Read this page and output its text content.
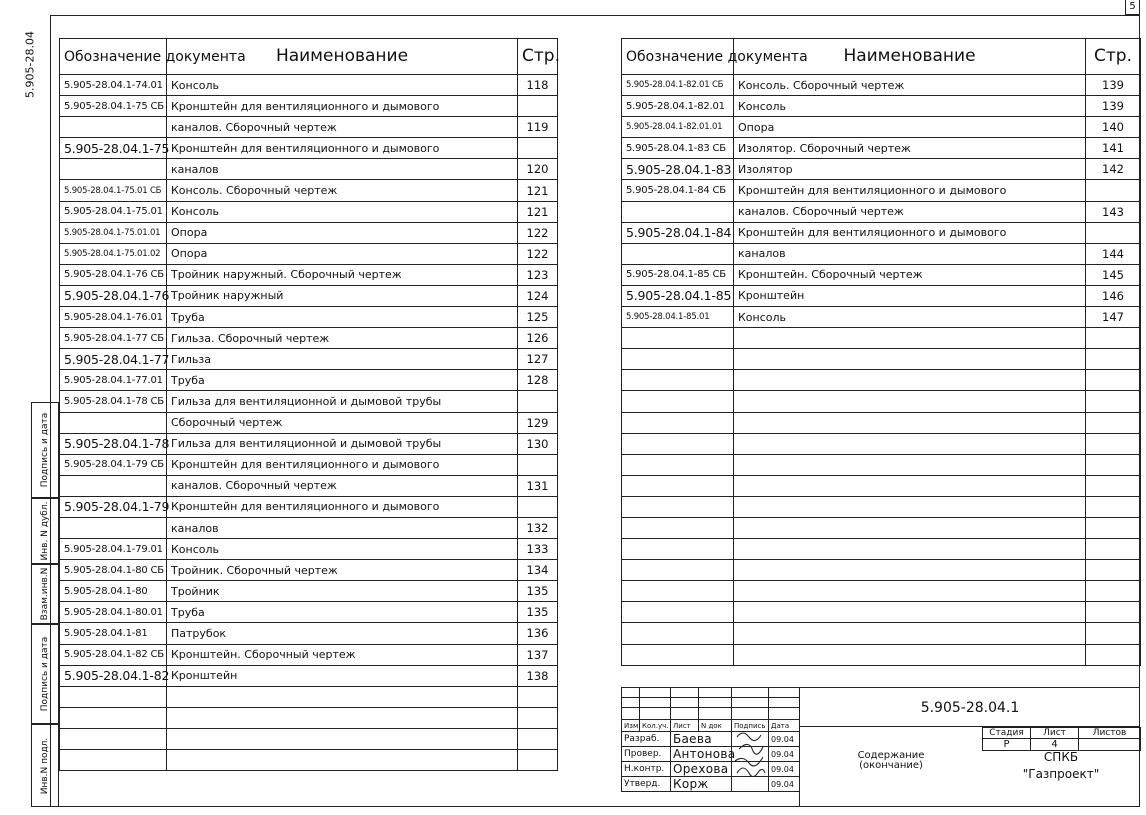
5
5.905-28.04
Подпись и дата
Инв. N дубл.
Взам.инв.N
Подпись и дата
Инв.N подл.
Обозначение документа	Наименование	Стр.
5.905-28.04.1-74.01	Консоль	118
5.905-28.04.1-75 СБ	Кронштейн для вентиляционного и дымового	
	каналов. Сборочный чертеж	119
5.905-28.04.1-75	Кронштейн для вентиляционного и дымового	
	каналов	120
5.905-28.04.1-75.01 СБ	Консоль. Сборочный чертеж	121
5.905-28.04.1-75.01	Консоль	121
5.905-28.04.1-75.01.01	Опора	122
5.905-28.04.1-75.01.02	Опора	122
5.905-28.04.1-76 СБ	Тройник наружный. Сборочный чертеж	123
5.905-28.04.1-76	Тройник наружный	124
5.905-28.04.1-76.01	Труба	125
5.905-28.04.1-77 СБ	Гильза. Сборочный чертеж	126
5.905-28.04.1-77	Гильза	127
5.905-28.04.1-77.01	Труба	128
5.905-28.04.1-78 СБ	Гильза для вентиляционной и дымовой трубы	
	Сборочный чертеж	129
5.905-28.04.1-78	Гильза для вентиляционной и дымовой трубы	130
5.905-28.04.1-79 СБ	Кронштейн для вентиляционного и дымового	
	каналов. Сборочный чертеж	131
5.905-28.04.1-79	Кронштейн для вентиляционного и дымового	
	каналов	132
5.905-28.04.1-79.01	Консоль	133
5.905-28.04.1-80 СБ	Тройник. Сборочный чертеж	134
5.905-28.04.1-80	Тройник	135
5.905-28.04.1-80.01	Труба	135
5.905-28.04.1-81	Патрубок	136
5.905-28.04.1-82 СБ	Кронштейн. Сборочный чертеж	137
5.905-28.04.1-82	Кронштейн	138

Обозначение документа	Наименование	Стр.
5.905-28.04.1-82.01 СБ	Консоль. Сборочный чертеж	139
5.905-28.04.1-82.01	Консоль	139
5.905-28.04.1-82.01.01	Опора	140
5.905-28.04.1-83 СБ	Изолятор. Сборочный чертеж	141
5.905-28.04.1-83	Изолятор	142
5.905-28.04.1-84 СБ	Кронштейн для вентиляционного и дымового	
	каналов. Сборочный чертеж	143
5.905-28.04.1-84	Кронштейн для вентиляционного и дымового	
	каналов	144
5.905-28.04.1-85 СБ	Кронштейн. Сборочный чертеж	145
5.905-28.04.1-85	Кронштейн	146
5.905-28.04.1-85.01	Консоль	147

Изм.	Кол.уч.	Лист	N док	Подпись	Дата
Разраб.		Баева			09.04
Провер.		Антонова			09.04
Н.контр.		Орехова			09.04
Утверд.		Корж			09.04
5.905-28.04.1
Содержание
(окончание)
Стадия	Лист	Листов
Р	4	
СПКБ
"Газпроект"
